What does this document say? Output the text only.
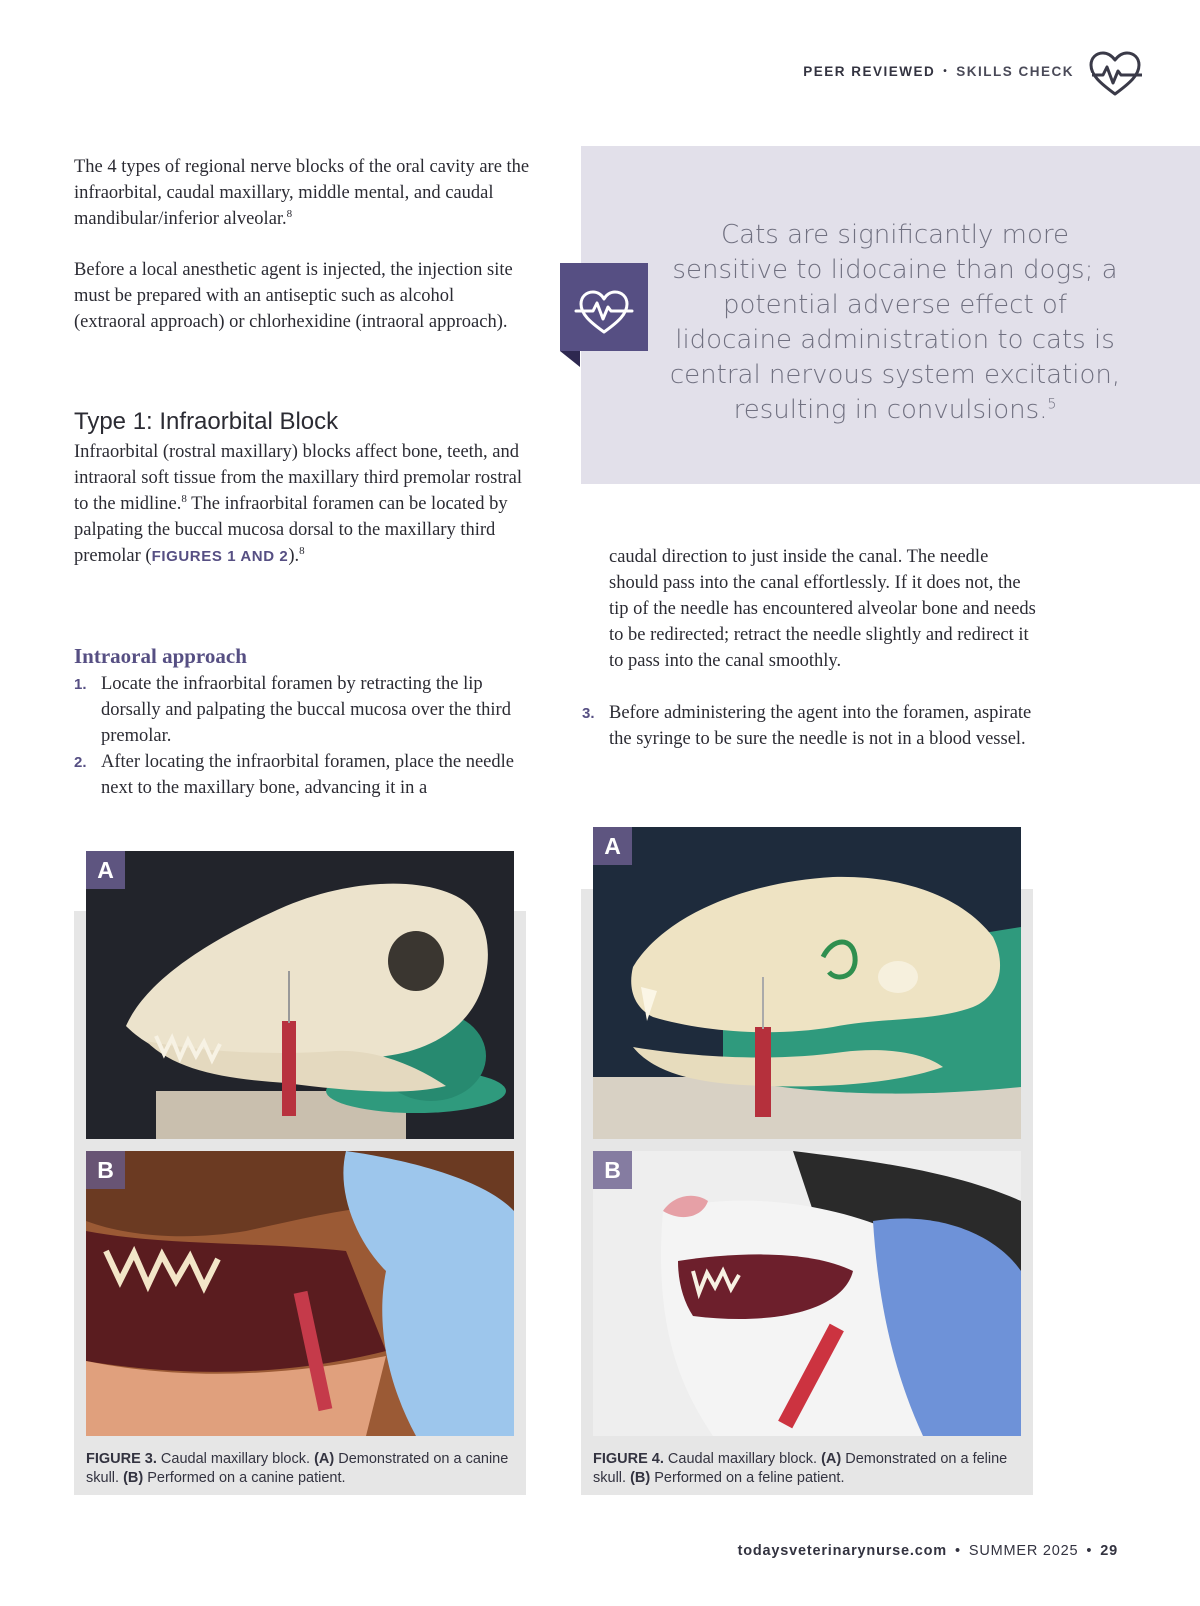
PEER REVIEWED • SKILLS CHECK

The 4 types of regional nerve blocks of the oral cavity are the infraorbital, caudal maxillary, middle mental, and caudal mandibular/inferior alveolar.$^8$

Before a local anesthetic agent is injected, the injection site must be prepared with an antiseptic such as alcohol (extraoral approach) or chlorhexidine (intraoral approach).

Type 1: Infraorbital Block

Infraorbital (rostral maxillary) blocks affect bone, teeth, and intraoral soft tissue from the maxillary third premolar rostral to the midline.$^8$ The infraorbital foramen can be located by palpating the buccal mucosa dorsal to the maxillary third premolar (FIGURES 1 AND 2).$^8$

Intraoral approach
1. Locate the infraorbital foramen by retracting the lip dorsally and palpating the buccal mucosa over the third premolar.
2. After locating the infraorbital foramen, place the needle next to the maxillary bone, advancing it in a

caudal direction to just inside the canal. The needle should pass into the canal effortlessly. If it does not, the tip of the needle has encountered alveolar bone and needs to be redirected; retract the needle slightly and redirect it to pass into the canal smoothly.

3. Before administering the agent into the foramen, aspirate the syringe to be sure the needle is not in a blood vessel.

Cats are significantly more sensitive to lidocaine than dogs; a potential adverse effect of lidocaine administration to cats is central nervous system excitation, resulting in convulsions.$^5$

A
B

FIGURE 3. Caudal maxillary block. (A) Demonstrated on a canine skull. (B) Performed on a canine patient.

A
B

FIGURE 4. Caudal maxillary block. (A) Demonstrated on a feline skull. (B) Performed on a feline patient.

todaysveterinarynurse.com • SUMMER 2025 • 29
